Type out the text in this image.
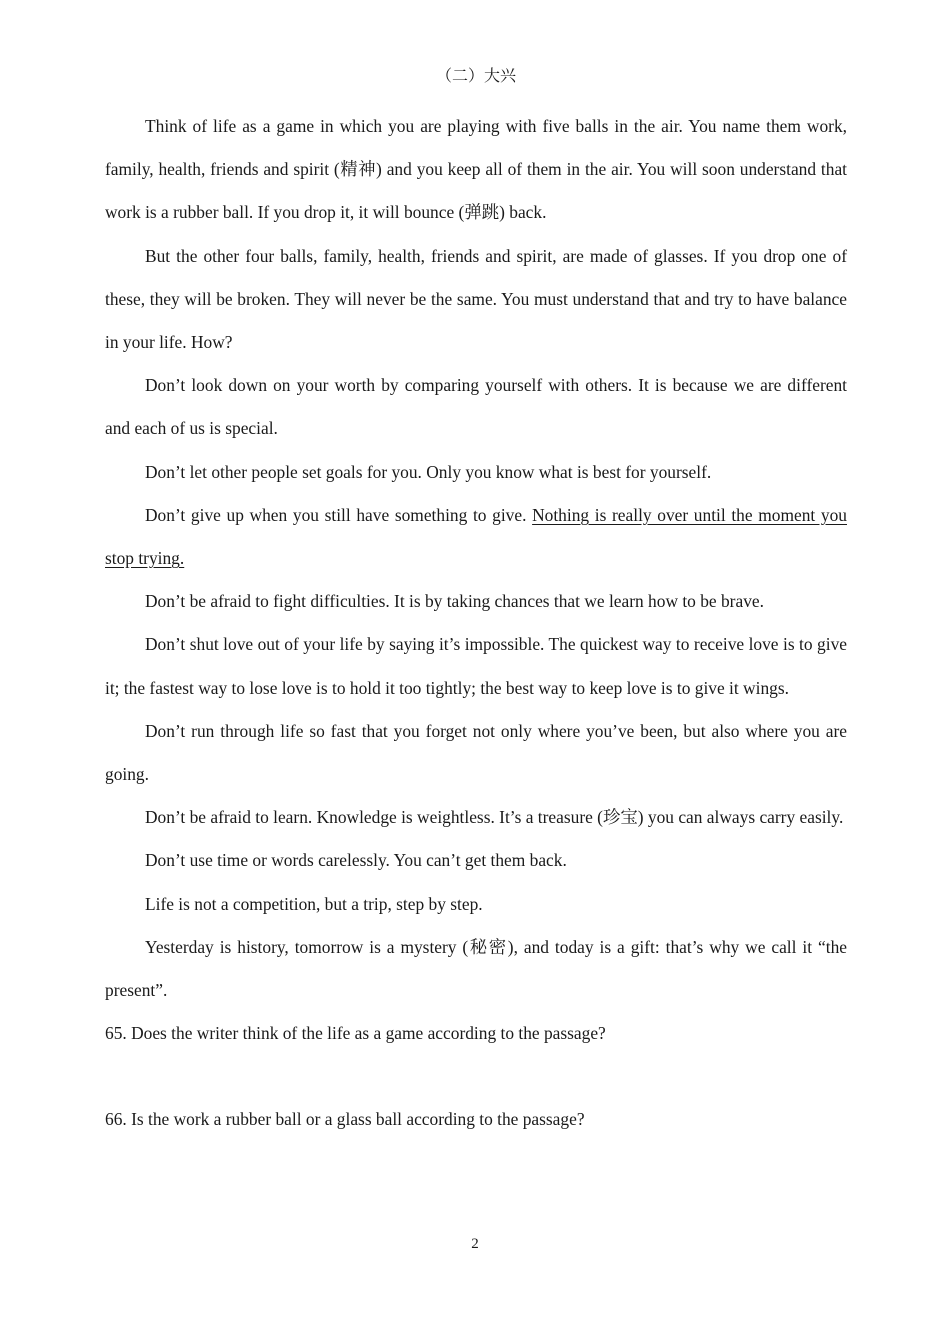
（二）大兴

Think of life as a game in which you are playing with five balls in the air. You name them work, family, health, friends and spirit (精神) and you keep all of them in the air. You will soon understand that work is a rubber ball. If you drop it, it will bounce (弹跳) back.

But the other four balls, family, health, friends and spirit, are made of glasses. If you drop one of these, they will be broken. They will never be the same. You must understand that and try to have balance in your life. How?

Don’t look down on your worth by comparing yourself with others. It is because we are different and each of us is special.

Don’t let other people set goals for you. Only you know what is best for yourself.

Don’t give up when you still have something to give. Nothing is really over until the moment you stop trying.

Don’t be afraid to fight difficulties. It is by taking chances that we learn how to be brave.

Don’t shut love out of your life by saying it’s impossible. The quickest way to receive love is to give it; the fastest way to lose love is to hold it too tightly; the best way to keep love is to give it wings.

Don’t run through life so fast that you forget not only where you’ve been, but also where you are going.

Don’t be afraid to learn. Knowledge is weightless. It’s a treasure (珍宝) you can always carry easily.

Don’t use time or words carelessly. You can’t get them back.

Life is not a competition, but a trip, step by step.

Yesterday is history, tomorrow is a mystery (秘密), and today is a gift: that’s why we call it “the present”.

65. Does the writer think of the life as a game according to the passage?

66. Is the work a rubber ball or a glass ball according to the passage?

2
